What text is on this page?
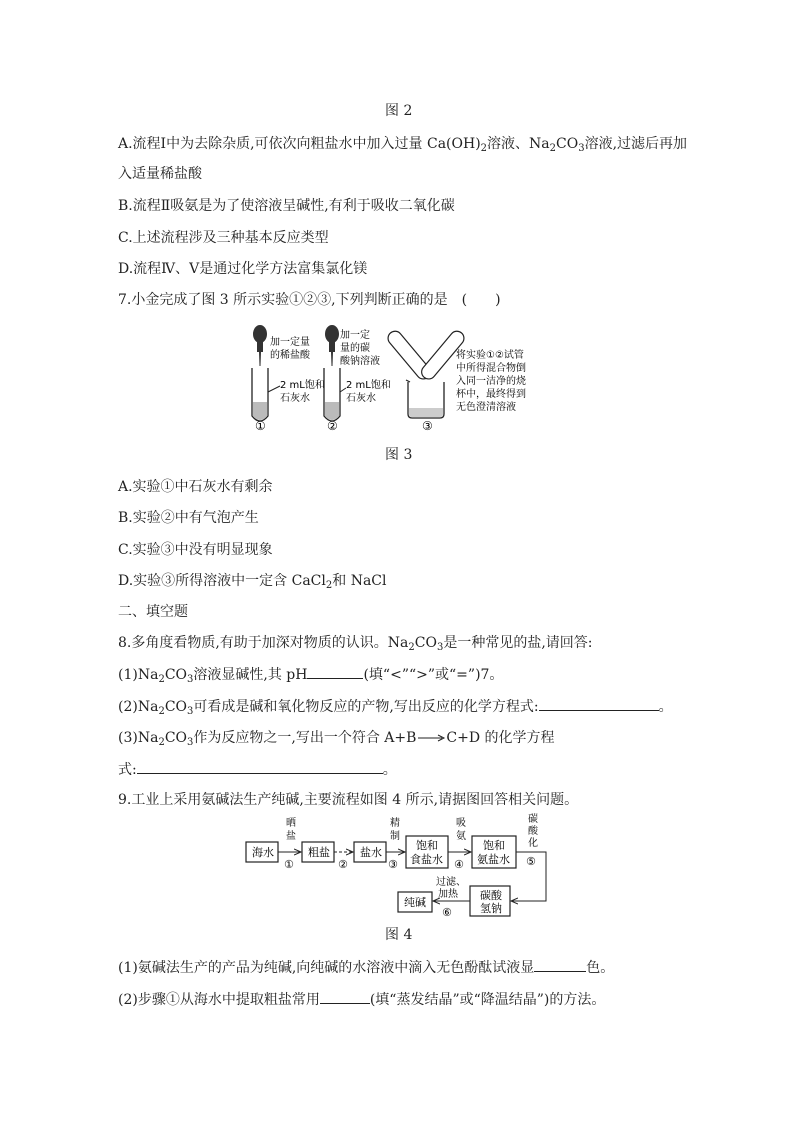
图 2
A.流程Ⅰ中为去除杂质,可依次向粗盐水中加入过量 $Ca(OH)_2$溶液、$Na_2CO_3$溶液,过滤后再加
入适量稀盐酸
B.流程Ⅱ吸氨是为了使溶液呈碱性,有利于吸收二氧化碳
C.上述流程涉及三种基本反应类型
D.流程Ⅳ、Ⅴ是通过化学方法富集氯化镁
7.小金完成了图 3 所示实验①②③,下列判断正确的是　(　　)
加一定量
的稀盐酸
2 mL饱和
石灰水
①
加一定
量的碳
酸钠溶液
2 mL饱和
石灰水
②	③
将实验①②试管
中所得混合物倒
入同一洁净的烧
杯中，最终得到
无色澄清溶液
图 3
A.实验①中石灰水有剩余
B.实验②中有气泡产生
C.实验③中没有明显现象
D.实验③所得溶液中一定含 CaCl$_2$和 NaCl
二、填空题
8.多角度看物质,有助于加深对物质的认识。$Na_2CO_3$是一种常见的盐,请回答:
$(1)Na_2CO_3$溶液显碱性,其 pH	(填“<”“>”或“=”)7。
$(2)Na_2CO_3$可看成是碱和氧化物反应的产物,写出反应的化学方程式:	。
$(3)Na_2CO_3$作为反应物之一,写出一个符合 A+B→C+D 的化学方程
式:	。
9.工业上采用氨碱法生产纯碱,主要流程如图 4 所示,请据图回答相关问题。
海水	粗盐	盐水
饱和
食盐水
饱和
氨盐水
碳酸
氢钠
纯碱
晒
盐
①	②
精
制
③
吸
氨
④
碳
酸
化
⑤
过滤、
加热
⑥
图 4
(1)氨碱法生产的产品为纯碱,向纯碱的水溶液中滴入无色酚酞试液显	色。
(2)步骤①从海水中提取粗盐常用	(填“蒸发结晶”或“降温结晶”)的方法。
